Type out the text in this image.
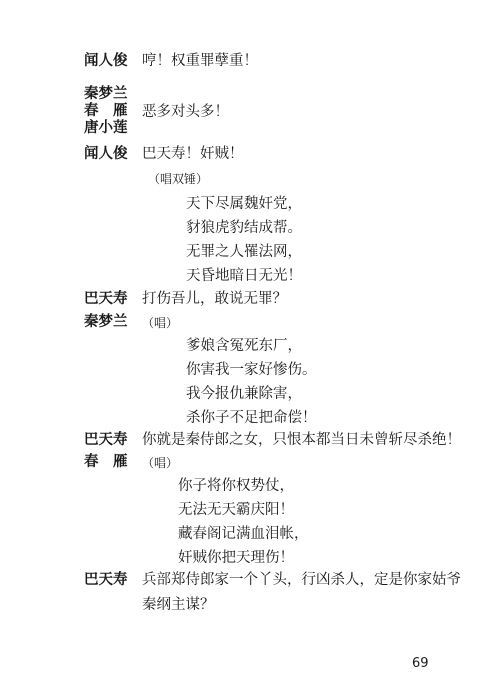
闻人俊 哼！权重罪孽重！
秦梦兰
春　雁
唐小莲
恶多对头多！
闻人俊 巴天寿！奸贼！
（唱双锤）
天下尽属魏奸党，
豺狼虎豹结成帮。
无罪之人罹法网，
天昏地暗日无光！
巴天寿 打伤吾儿，敢说无罪？
秦梦兰 （唱）
爹娘含冤死东厂，
你害我一家好惨伤。
我今报仇兼除害，
杀你子不足把命偿！
巴天寿 你就是秦侍郎之女，只恨本都当日未曾斩尽杀绝！
春　雁 （唱）
你子将你权势仗，
无法无天霸庆阳！
藏春阁记满血泪帐，
奸贼你把天理伤！
巴天寿 兵部郑侍郎家一个丫头，行凶杀人，定是你家姑爷
秦纲主谋？
69
